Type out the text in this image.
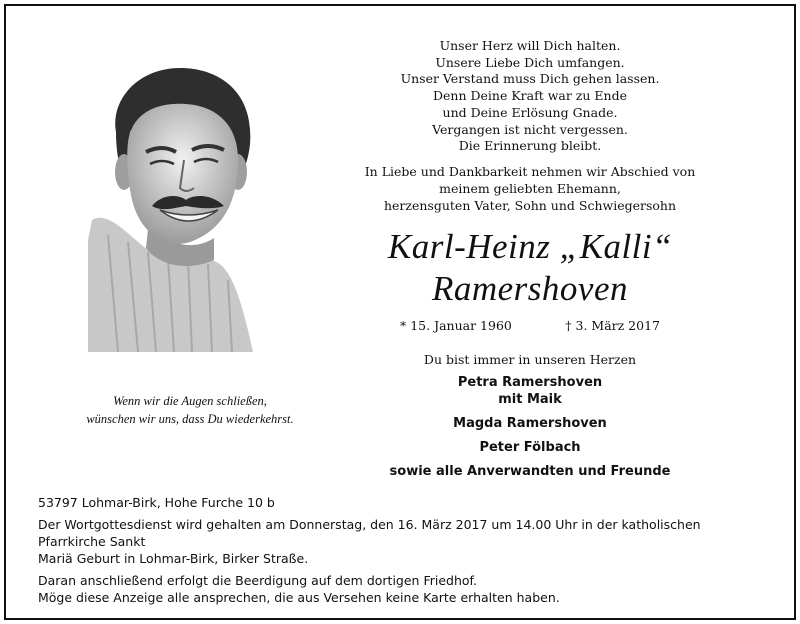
Unser Herz will Dich halten.
Unsere Liebe Dich umfangen.
Unser Verstand muss Dich gehen lassen.
Denn Deine Kraft war zu Ende
und Deine Erlösung Gnade.
Vergangen ist nicht vergessen.
Die Erinnerung bleibt.
In Liebe und Dankbarkeit nehmen wir Abschied von
meinem geliebten Ehemann,
herzensguten Vater, Sohn und Schwiegersohn
Karl-Heinz „Kalli“
Ramershoven
* 15. Januar 1960	† 3. März 2017
Du bist immer in unseren Herzen
Petra Ramershoven
mit Maik
Magda Ramershoven
Peter Fölbach
sowie alle Anverwandten und Freunde
Wenn wir die Augen schließen,
wünschen wir uns, dass Du wiederkehrst.

53797 Lohmar-Birk, Hohe Furche 10 b

Der Wortgottesdienst wird gehalten am Donnerstag, den 16. März 2017 um 14.00 Uhr in der katholischen Pfarrkirche Sankt

Mariä Geburt in Lohmar-Birk, Birker Straße.

Daran anschließend erfolgt die Beerdigung auf dem dortigen Friedhof.

Möge diese Anzeige alle ansprechen, die aus Versehen keine Karte erhalten haben.
